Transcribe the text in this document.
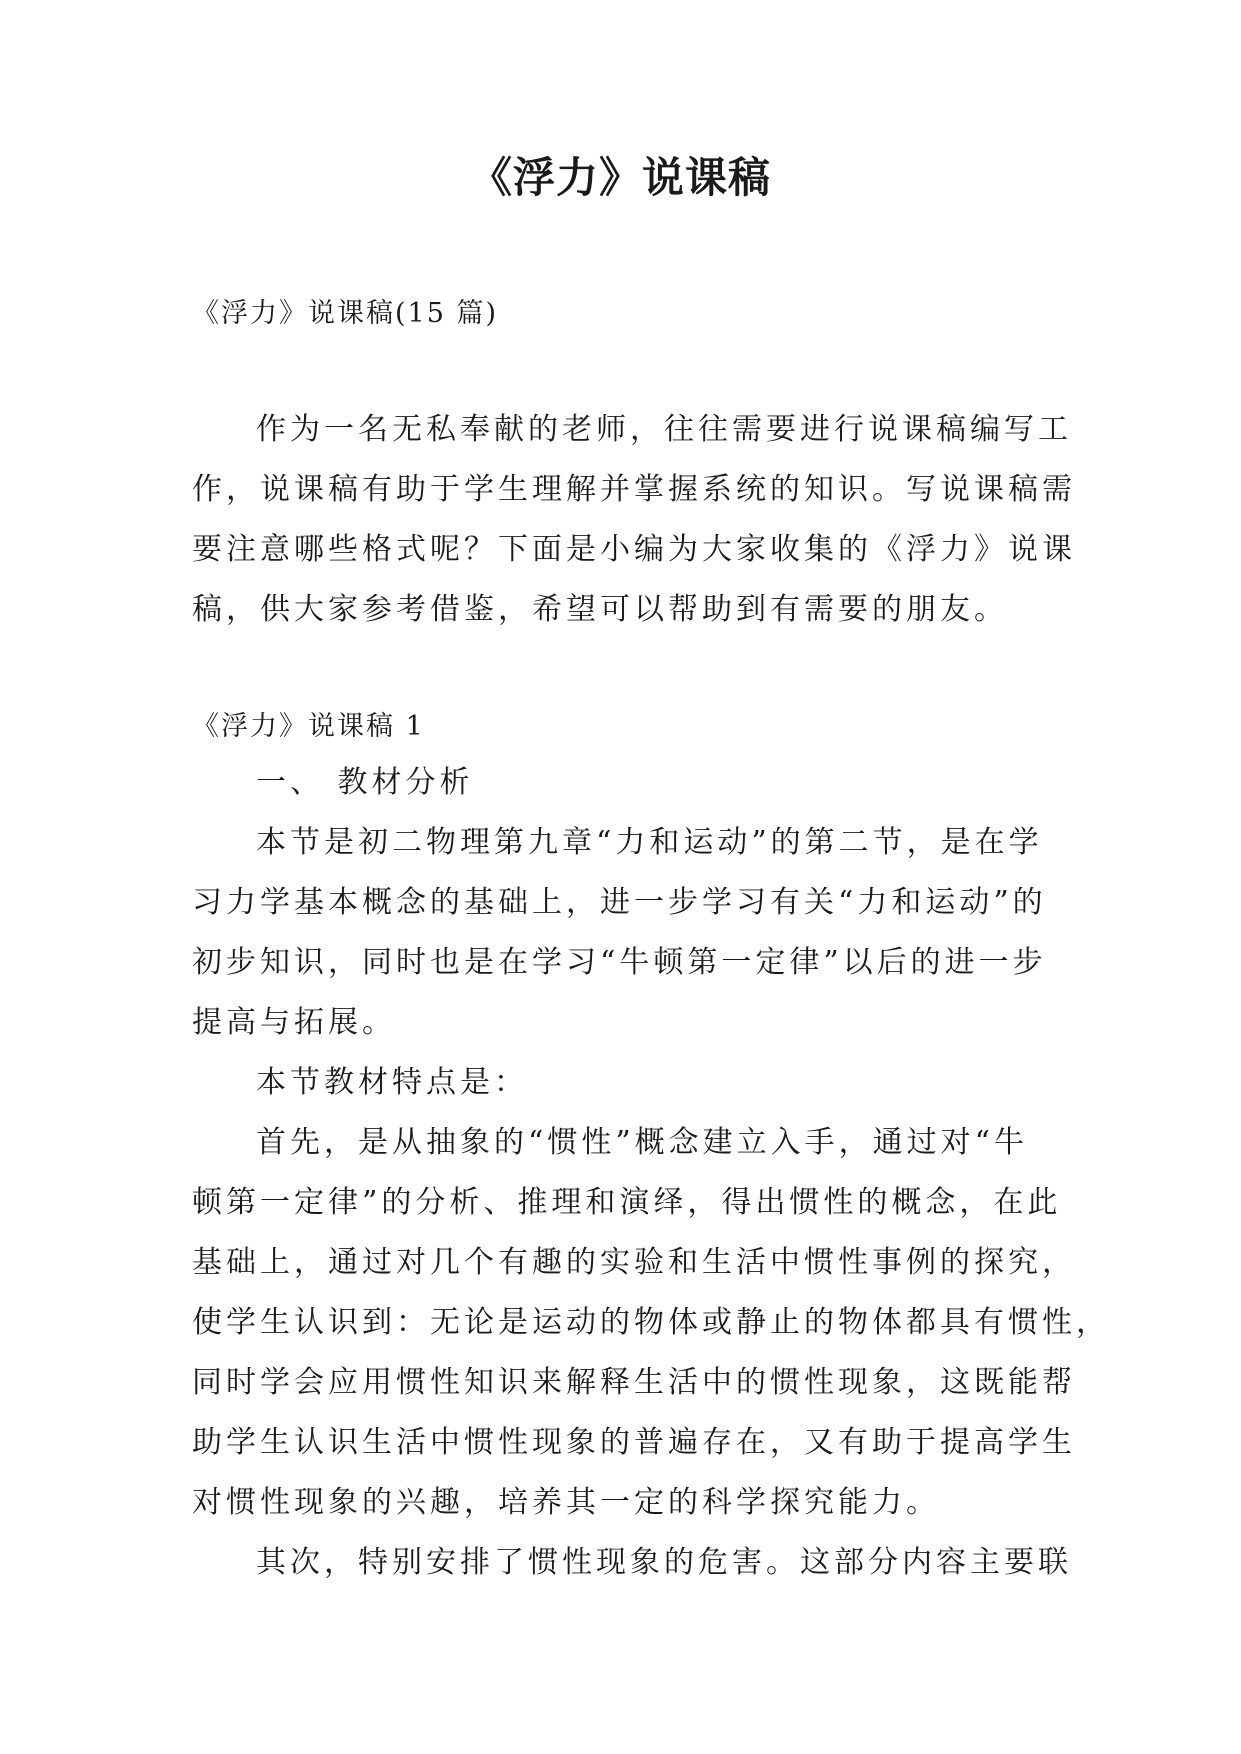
《浮力》说课稿
《浮力》说课稿(15 篇)
作为一名无私奉献的老师，往往需要进行说课稿编写工
作，说课稿有助于学生理解并掌握系统的知识。写说课稿需
要注意哪些格式呢？下面是小编为大家收集的《浮力》说课
稿，供大家参考借鉴，希望可以帮助到有需要的朋友。
《浮力》说课稿 1
一、 教材分析
本节是初二物理第九章“力和运动”的第二节，是在学
习力学基本概念的基础上，进一步学习有关“力和运动”的
初步知识，同时也是在学习“牛顿第一定律”以后的进一步
提高与拓展。
本节教材特点是：
首先，是从抽象的“惯性”概念建立入手，通过对“牛
顿第一定律”的分析、推理和演绎，得出惯性的概念，在此
基础上，通过对几个有趣的实验和生活中惯性事例的探究，
使学生认识到：无论是运动的物体或静止的物体都具有惯性，
同时学会应用惯性知识来解释生活中的惯性现象，这既能帮
助学生认识生活中惯性现象的普遍存在，又有助于提高学生
对惯性现象的兴趣，培养其一定的科学探究能力。
其次，特别安排了惯性现象的危害。这部分内容主要联
